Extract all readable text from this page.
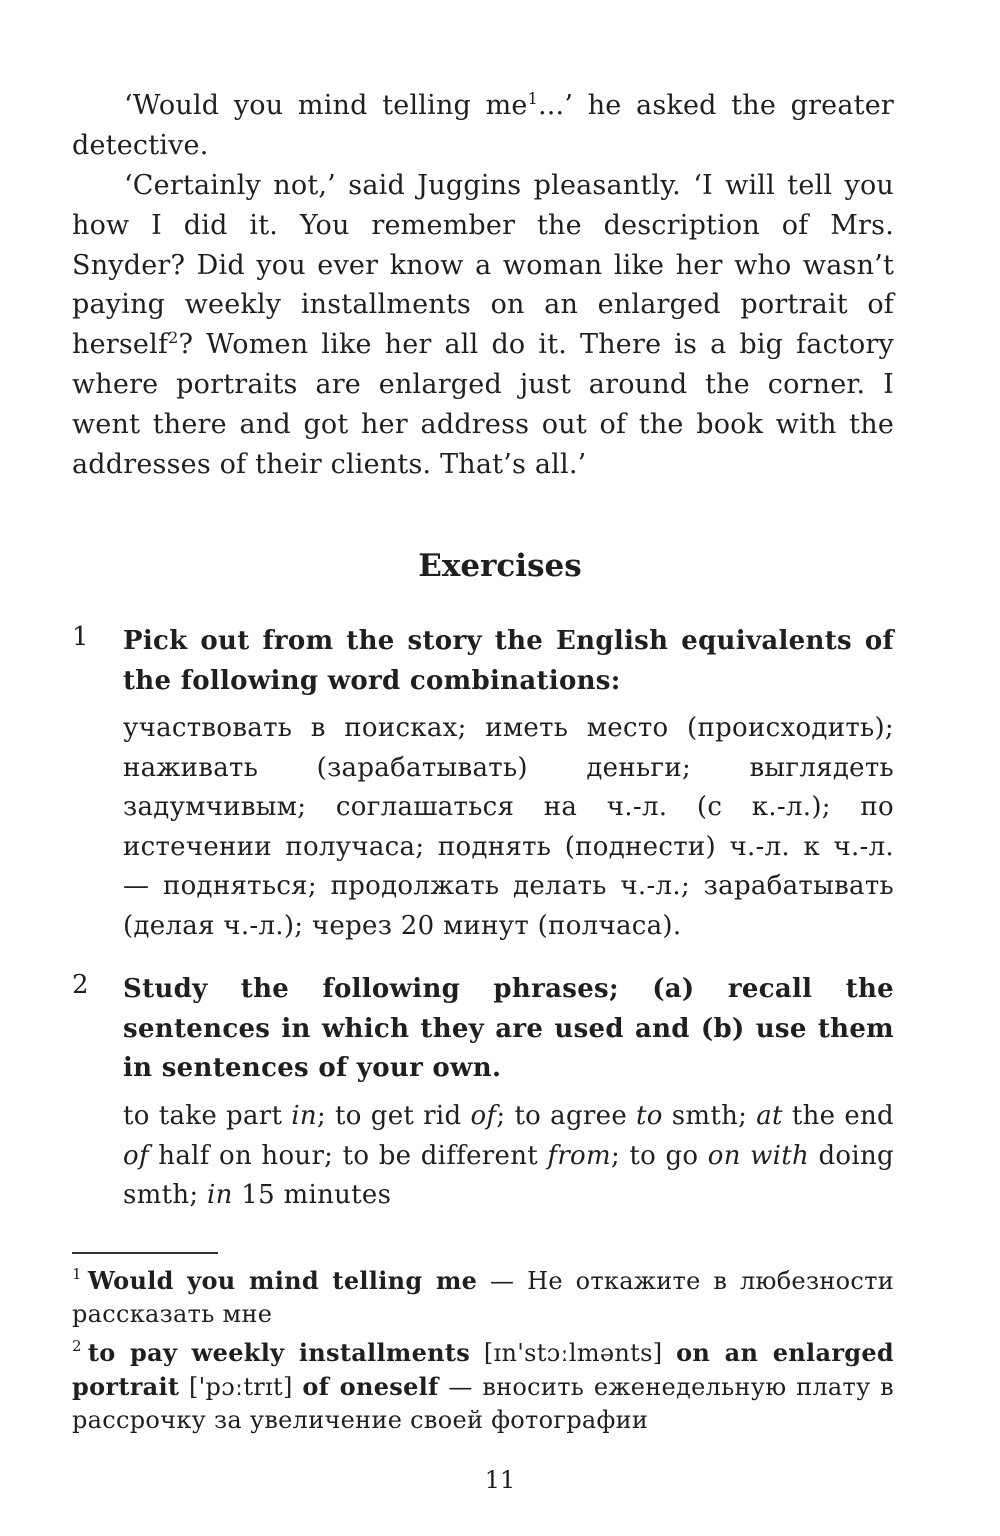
‘Would you mind telling $me^1$...’ he asked the greater detective.

‘Certainly not,’ said Juggins pleasantly. ‘I will tell you how I did it. You remember the description of Mrs. Snyder? Did you ever know a woman like her who wasn’t paying weekly installments on an enlarged portrait of herself$^2$? Women like her all do it. There is a big factory where portraits are enlarged just around the corner. I went there and got her address out of the book with the addresses of their clients. That’s all.’

Exercises
1 Pick out from the story the English equivalents of the following word combinations:

участвовать в поисках; иметь место (происходить); наживать (зарабатывать) деньги; выглядеть задумчивым; соглашаться на ч.-л. (с к.-л.); по истечении получаса; поднять (поднести) ч.-л. к ч.-л. — подняться; продолжать делать ч.-л.; зарабатывать (делая ч.-л.); через 20 минут (полчаса).

2 Study the following phrases; (a) recall the sentences in which they are used and (b) use them in sentences of your own.

to take part in; to get rid of; to agree to smth; at the end of half on hour; to be different from; to go on with doing smth; in 15 minutes

$^1$ Would you mind telling me — Не откажите в любезности рассказать мне

$^2$ to pay weekly installments [ɪn'stɔːlmənts] on an enlarged portrait ['pɔːtrɪt] of oneself — вносить еженедельную плату в рассрочку за увеличение своей фотографии

11
